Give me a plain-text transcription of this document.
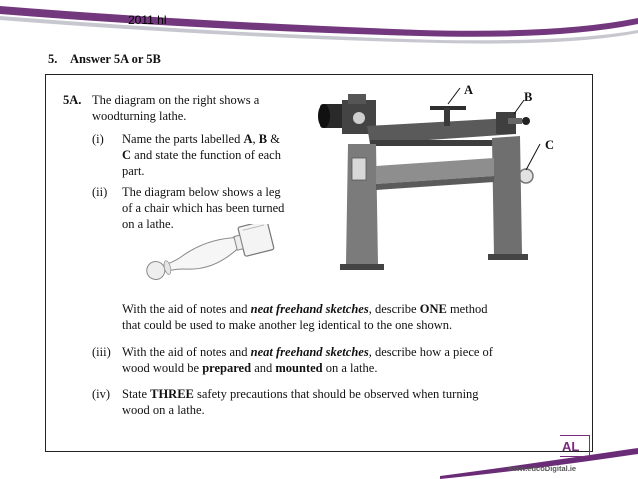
2011 hl
5. Answer 5A or 5B
5A. The diagram on the right shows a
woodturning lathe.
(i) Name the parts labelled A, B &
C and state the function of each
part.
(ii) The diagram below shows a leg
of a chair which has been turned
on a lathe.
With the aid of notes and neat freehand sketches, describe ONE method
that could be used to make another leg identical to the one shown.
(iii) With the aid of notes and neat freehand sketches, describe how a piece of
wood would be prepared and mounted on a lathe.
(iv) State THREE safety precautions that should be observed when turning
wood on a lathe.
A	B
C
AL
www.edcoDigital.ie
